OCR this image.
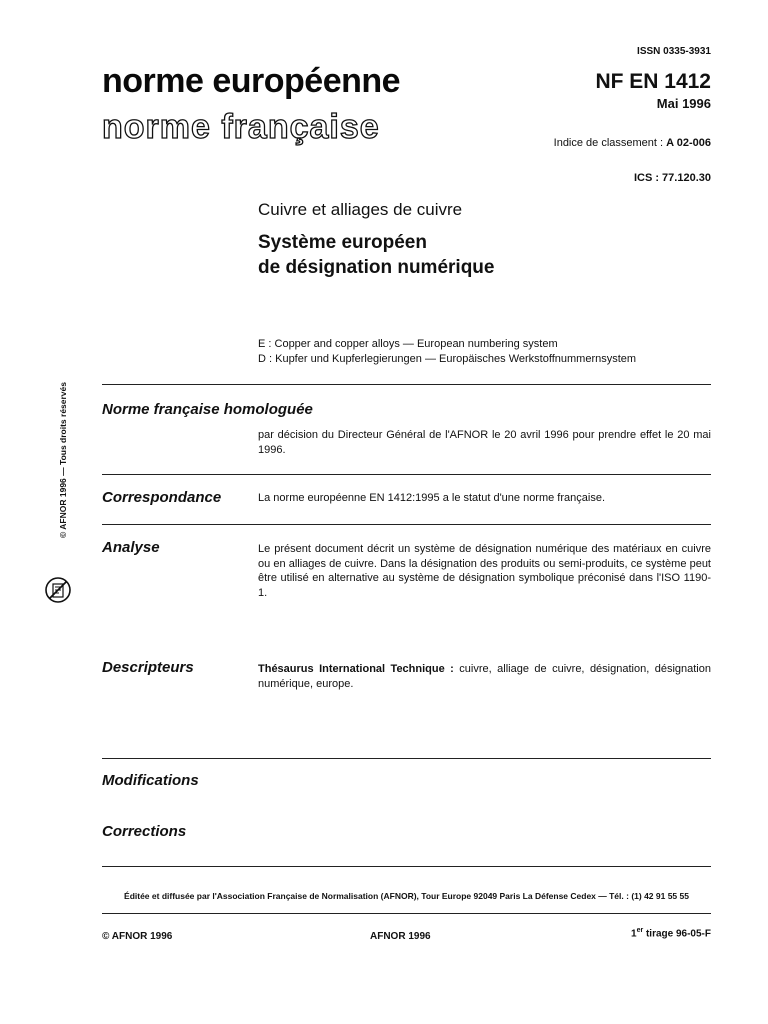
ISSN 0335-3931
norme européenne
norme française
NF EN 1412
Mai 1996
Indice de classement : A 02-006
ICS : 77.120.30
Cuivre et alliages de cuivre
Système européen
de désignation numérique
E : Copper and copper alloys — European numbering system
D : Kupfer und Kupferlegierungen — Europäisches Werkstoffnummernsystem
Norme française homologuée
par décision du Directeur Général de l'AFNOR le 20 avril 1996 pour prendre effet le 20 mai 1996.
Correspondance	La norme européenne EN 1412:1995 a le statut d'une norme française.
Analyse	Le présent document décrit un système de désignation numérique des matériaux en cuivre ou en alliages de cuivre. Dans la désignation des produits ou semi-produits, ce système peut être utilisé en alternative au système de désignation symbolique préconisé dans l'ISO 1190-1.
Descripteurs	Thésaurus International Technique : cuivre, alliage de cuivre, désignation, désignation numérique, europe.
Modifications
Corrections
Éditée et diffusée par l'Association Française de Normalisation (AFNOR), Tour Europe 92049 Paris La Défense Cedex — Tél. : (1) 42 91 55 55
© AFNOR 1996	AFNOR 1996	1er tirage 96-05-F
© AFNOR 1996 — Tous droits réservés
